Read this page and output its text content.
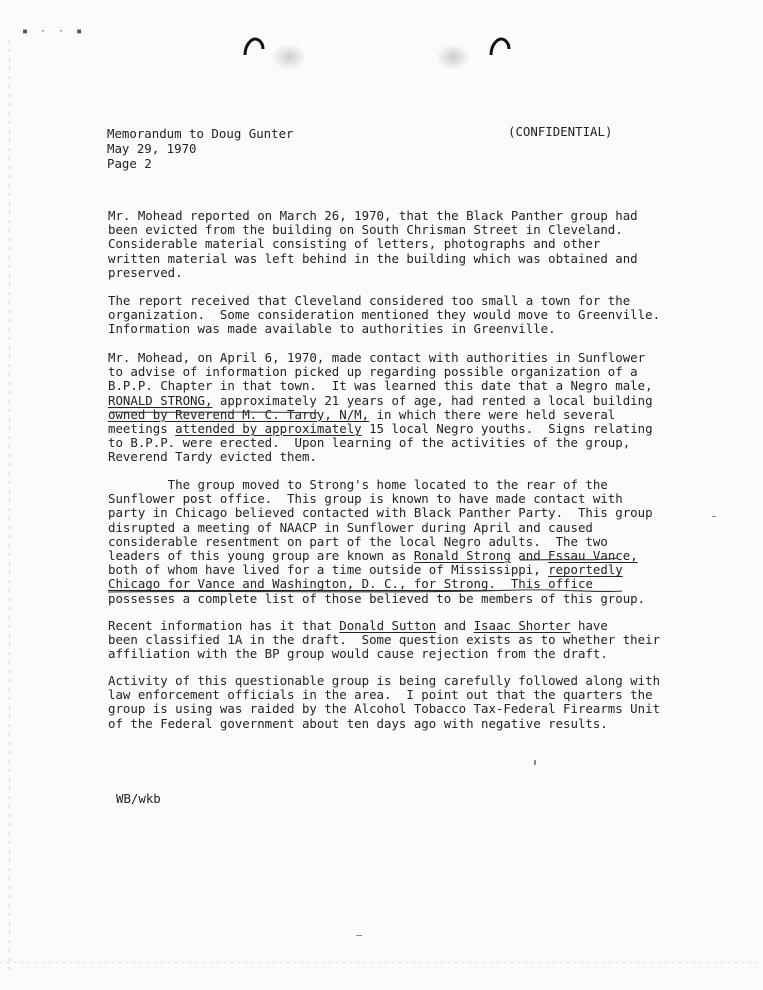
▪ · · ▪
Memorandum to Doug Gunter
May 29, 1970
Page 2
(CONFIDENTIAL)
Mr. Mohead reported on March 26, 1970, that the Black Panther group had
been evicted from the building on South Chrisman Street in Cleveland.
Considerable material consisting of letters, photographs and other
written material was left behind in the building which was obtained and
preserved.
The report received that Cleveland considered too small a town for the
organization.  Some consideration mentioned they would move to Greenville.
Information was made available to authorities in Greenville.
Mr. Mohead, on April 6, 1970, made contact with authorities in Sunflower
to advise of information picked up regarding possible organization of a
B.P.P. Chapter in that town.  It was learned this date that a Negro male,
RONALD STRONG, approximately 21 years of age, had rented a local building
owned by Reverend M. C. Tardy, N/M, in which there were held several
meetings attended by approximately 15 local Negro youths.  Signs relating
to B.P.P. were erected.  Upon learning of the activities of the group,
Reverend Tardy evicted them.
The group moved to Strong's home located to the rear of the
Sunflower post office.  This group is known to have made contact with
party in Chicago believed contacted with Black Panther Party.  This group
disrupted a meeting of NAACP in Sunflower during April and caused
considerable resentment on part of the local Negro adults.  The two
leaders of this young group are known as Ronald Strong and Essau Vance,
both of whom have lived for a time outside of Mississippi, reportedly
Chicago for Vance and Washington, D. C., for Strong.  This office
possesses a complete list of those believed to be members of this group.
Recent information has it that Donald Sutton and Isaac Shorter have
been classified 1A in the draft.  Some question exists as to whether their
affiliation with the BP group would cause rejection from the draft.
Activity of this questionable group is being carefully followed along with
law enforcement officials in the area.  I point out that the quarters the
group is using was raided by the Alcohol Tobacco Tax-Federal Firearms Unit
of the Federal government about ten days ago with negative results.
WB/wkb
